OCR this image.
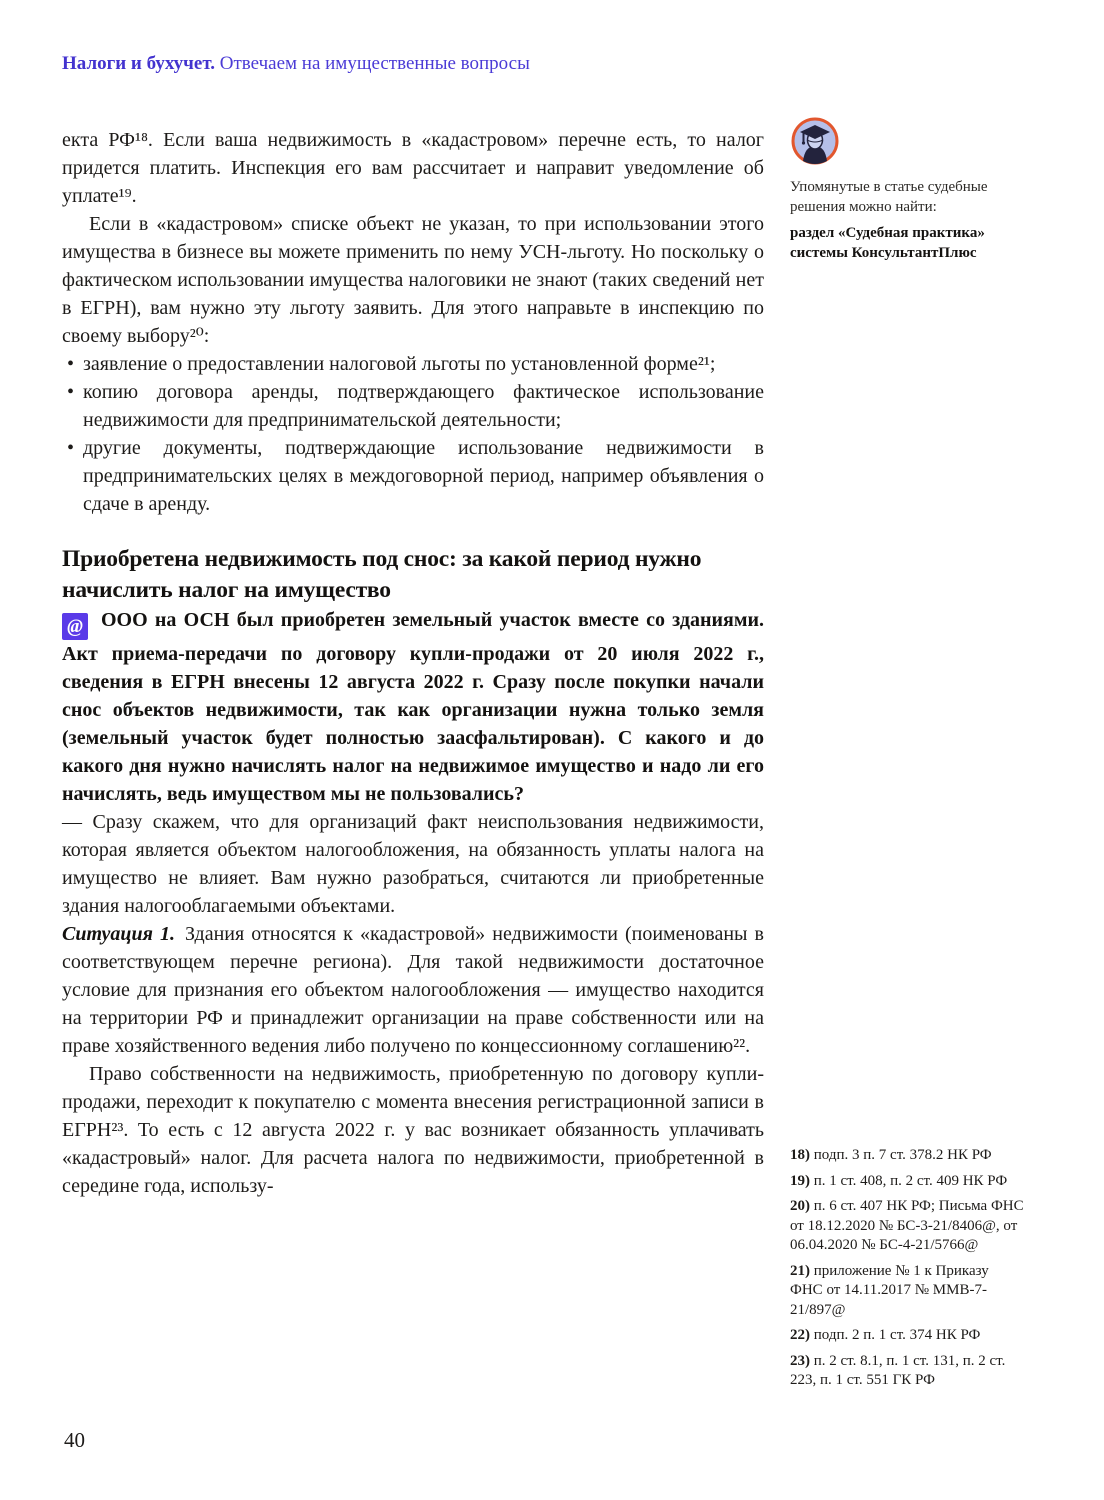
Налоги и бухучет. Отвечаем на имущественные вопросы

екта РФ¹⁸. Если ваша недвижимость в «кадастровом» перечне есть, то налог придется платить. Инспекция его вам рассчитает и направит уведомление об уплате¹⁹.

Если в «кадастровом» списке объект не указан, то при использовании этого имущества в бизнесе вы можете применить по нему УСН-льготу. Но поскольку о фактическом использовании имущества налоговики не знают (таких сведений нет в ЕГРН), вам нужно эту льготу заявить. Для этого направьте в инспекцию по своему выбору²⁰:

• заявление о предоставлении налоговой льготы по установленной форме²¹;
• копию договора аренды, подтверждающего фактическое использование недвижимости для предпринимательской деятельности;
• другие документы, подтверждающие использование недвижимости в предпринимательских целях в междоговорной период, например объявления о сдаче в аренду.
Приобретена недвижимость под снос: за какой период нужно начислить налог на имущество

@ ООО на ОСН был приобретен земельный участок вместе со зданиями. Акт приема-передачи по договору купли-продажи от 20 июля 2022 г., сведения в ЕГРН внесены 12 августа 2022 г. Сразу после покупки начали снос объектов недвижимости, так как организации нужна только земля (земельный участок будет полностью заасфальтирован). С какого и до какого дня нужно начислять налог на недвижимое имущество и надо ли его начислять, ведь имуществом мы не пользовались?

— Сразу скажем, что для организаций факт неиспользования недвижимости, которая является объектом налогообложения, на обязанность уплаты налога на имущество не влияет. Вам нужно разобраться, считаются ли приобретенные здания налогооблагаемыми объектами.

Ситуация 1. Здания относятся к «кадастровой» недвижимости (поименованы в соответствующем перечне региона). Для такой недвижимости достаточное условие для признания его объектом налогообложения — имущество находится на территории РФ и принадлежит организации на праве собственности или на праве хозяйственного ведения либо получено по концессионному соглашению²².

Право собственности на недвижимость, приобретенную по договору купли-продажи, переходит к покупателю с момента внесения регистрационной записи в ЕГРН²³. То есть с 12 августа 2022 г. у вас возникает обязанность уплачивать «кадастровый» налог. Для расчета налога по недвижимости, приобретенной в середине года, использу-

Упомянутые в статье судебные решения можно найти:
раздел «Судебная практика» системы КонсультантПлюс

18) подп. 3 п. 7 ст. 378.2 НК РФ

19) п. 1 ст. 408, п. 2 ст. 409 НК РФ

20) п. 6 ст. 407 НК РФ; Письма ФНС от 18.12.2020 № БС-3-21/8406@, от 06.04.2020 № БС-4-21/5766@

21) приложение № 1 к Приказу ФНС от 14.11.2017 № ММВ-7-21/897@

22) подп. 2 п. 1 ст. 374 НК РФ

23) п. 2 ст. 8.1, п. 1 ст. 131, п. 2 ст. 223, п. 1 ст. 551 ГК РФ

40
